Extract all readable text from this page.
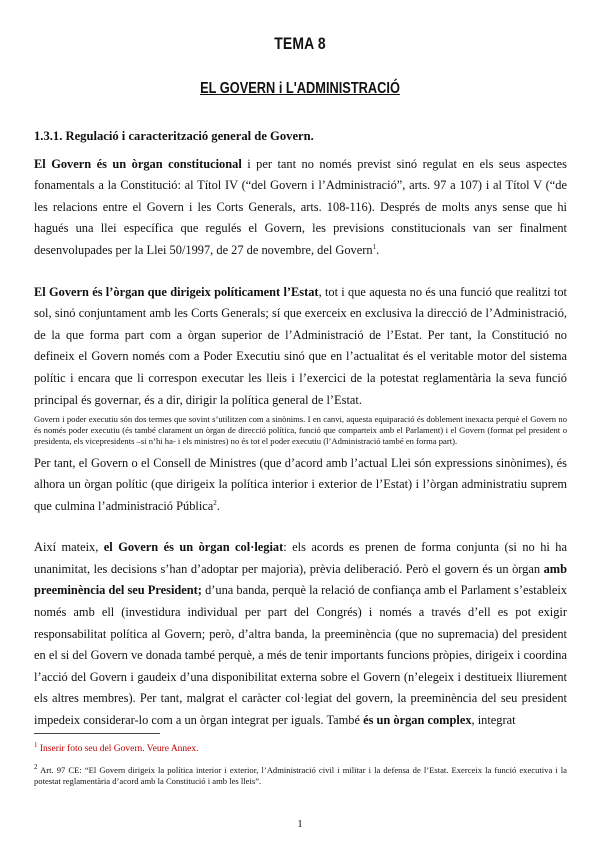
TEMA 8
EL GOVERN i L'ADMINISTRACIÓ

1.3.1. Regulació i caracterització general de Govern.

El Govern és un òrgan constitucional i per tant no només previst sinó regulat en els seus aspectes fonamentals a la Constitució: al Títol IV (“del Govern i l’Administració”, arts. 97 a 107) i al Títol V (“de les relacions entre el Govern i les Corts Generals, arts. 108-116). Després de molts anys sense que hi hagués una llei específica que regulés el Govern, les previsions constitucionals van ser finalment desenvolupades per la Llei 50/1997, de 27 de novembre, del Govern$^1$.

El Govern és l’òrgan que dirigeix políticament l’Estat, tot i que aquesta no és una funció que realitzi tot sol, sinó conjuntament amb les Corts Generals; sí que exerceix en exclusiva la direcció de l’Administració, de la que forma part com a òrgan superior de l’Administració de l’Estat. Per tant, la Constitució no defineix el Govern només com a Poder Executiu sinó que en l’actualitat és el veritable motor del sistema polític i encara que li correspon executar les lleis i l’exercici de la potestat reglamentària la seva funció principal és governar, és a dir, dirigir la política general de l’Estat.

Govern i poder executiu són dos termes que sovint s’utilitzen com a sinònims. I en canvi, aquesta equiparació és doblement inexacta perquè el Govern no és només poder executiu (és també clarament un òrgan de direcció política, funció que comparteix amb el Parlament) i el Govern (format pel president o presidenta, els vicepresidents –si n’hi ha- i els ministres) no és tot el poder executiu (l’Administració també en forma part).

Per tant, el Govern o el Consell de Ministres (que d’acord amb l’actual Llei són expressions sinònimes), és alhora un òrgan polític (que dirigeix la política interior i exterior de l’Estat) i l’òrgan administratiu suprem que culmina l’administració Pública$^2$.

Així mateix, el Govern és un òrgan col·legiat: els acords es prenen de forma conjunta (si no hi ha unanimitat, les decisions s’han d’adoptar per majoria), prèvia deliberació. Però el govern és un òrgan amb preeminència del seu President; d’una banda, perquè la relació de confiança amb el Parlament s’estableix només amb ell (investidura individual per part del Congrés) i només a través d’ell es pot exigir responsabilitat política al Govern; però, d’altra banda, la preeminència (que no supremacia) del president en el si del Govern ve donada també perquè, a més de tenir importants funcions pròpies, dirigeix i coordina l’acció del Govern i gaudeix d’una disponibilitat externa sobre el Govern (n’elegeix i destitueix lliurement els altres membres). Per tant, malgrat el caràcter col·legiat del govern, la preeminència del seu president impedeix considerar-lo com a un òrgan integrat per iguals. També és un òrgan complex, integrat

$^1$ Inserir foto seu del Govern. Veure Annex.
$^2$ Art. 97 CE: “El Govern dirigeix la política interior i exterior, l’Administració civil i militar i la defensa de l’Estat. Exerceix la funció executiva i la potestat reglamentària d’acord amb la Constitució i amb les lleis”.
1
